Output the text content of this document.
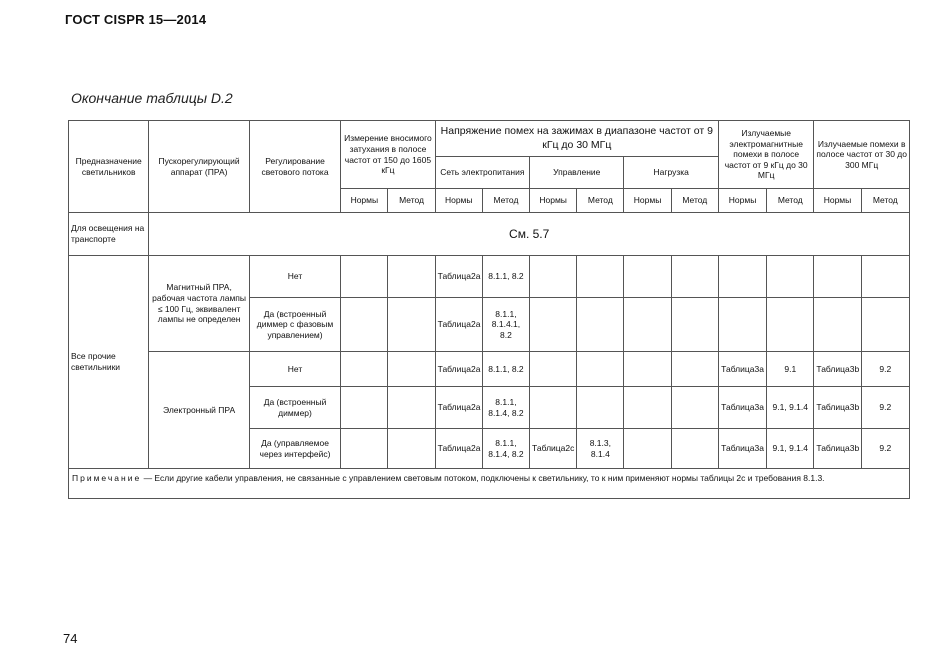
ГОСТ CISPR 15—2014
Окончание таблицы D.2
Предназначение светильников	Пускорегулирующий аппарат (ПРА)	Регулирование светового потока	Измерение вносимого затухания в полосе частот от 150 до 1605 кГц		Напряжение помех на зажимах в диапазоне частот от 9 кГц до 30 МГц						Излучаемые электромагнитные помехи в полосе частот от 9 кГц до 30 МГц		Излучаемые помехи в полосе частот от 30 до 300 МГц	
					Сеть электропитания		Управление		Нагрузка					
			Нормы	Метод	Нормы	Метод	Нормы	Метод	Нормы	Метод	Нормы	Метод	Нормы	Метод
Для освещения на транспорте	См. 5.7													
Все прочие светильники	Магнитный ПРА, рабочая частота лампы ≤ 100 Гц, эквивалент лампы не определен	Нет			Таблица2a	8.1.1, 8.2								
		Да (встроенный диммер с фазовым управлением)			Таблица2a	8.1.1, 8.1.4.1, 8.2								
	Электронный ПРА	Нет			Таблица2a	8.1.1, 8.2					Таблица3a	9.1	Таблица3b	9.2
		Да (встроенный диммер)			Таблица2a	8.1.1, 8.1.4, 8.2					Таблица3a	9.1, 9.1.4	Таблица3b	9.2
		Да (управляемое через интерфейс)			Таблица2a	8.1.1, 8.1.4, 8.2	Таблица2c	8.1.3, 8.1.4			Таблица3a	9.1, 9.1.4	Таблица3b	9.2
Примечание — Если другие кабели управления, не связанные с управлением световым потоком, подключены к светильнику, то к ним применяют нормы таблицы 2c и требования 8.1.3.														
74
